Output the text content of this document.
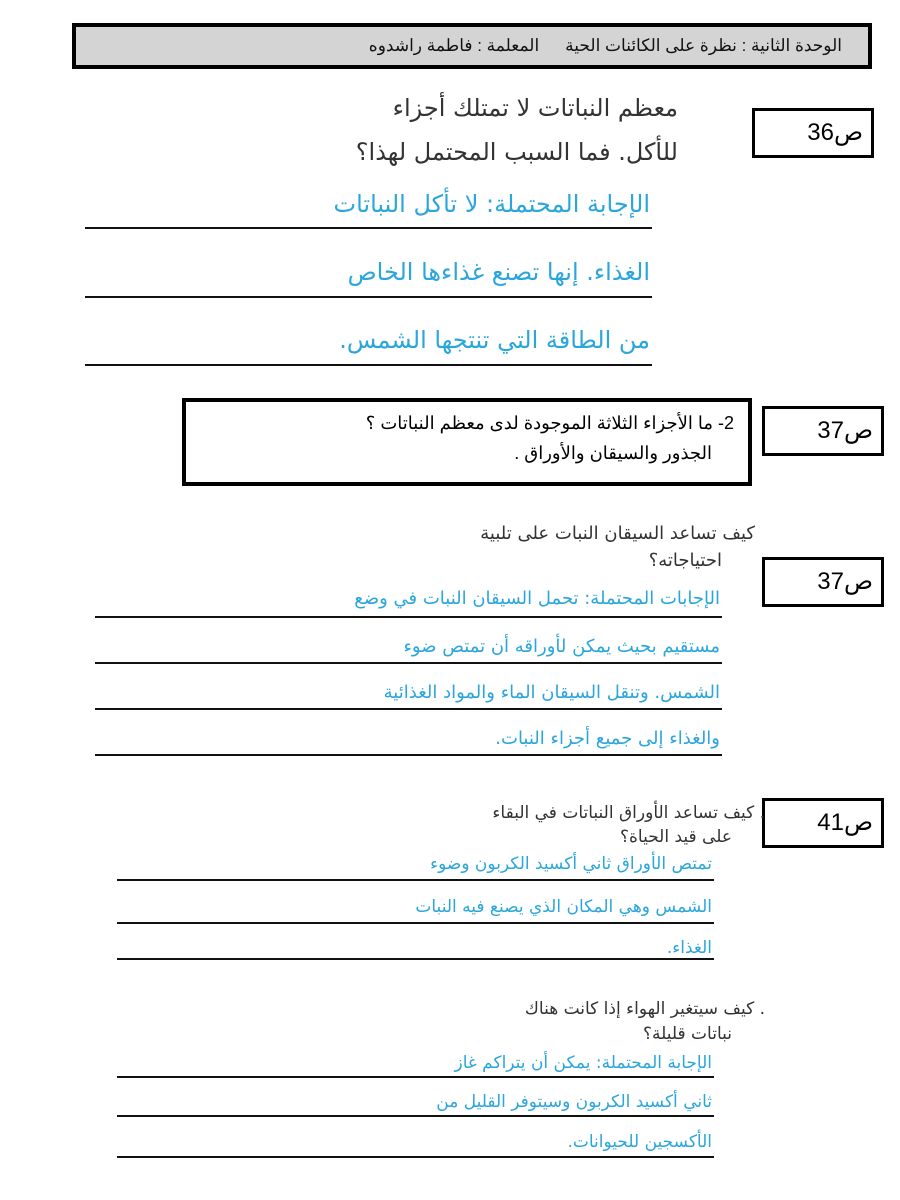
الوحدة الثانية : نظرة على الكائنات الحية
المعلمة : فاطمة راشدوه
ص36
معظم النباتات لا تمتلك أجزاء
للأكل. فما السبب المحتمل لهذا؟
الإجابة المحتملة: لا تأكل النباتات
الغذاء. إنها تصنع غذاءها الخاص
من الطاقة التي تنتجها الشمس.
ص37
2- ما الأجزاء الثلاثة الموجودة لدى معظم النباتات ؟
الجذور والسيقان والأوراق .
ص37
كيف تساعد السيقان النبات على تلبية
احتياجاته؟
الإجابات المحتملة: تحمل السيقان النبات في وضع
مستقيم بحيث يمكن لأوراقه أن تمتص ضوء
الشمس. وتنقل السيقان الماء والمواد الغذائية
والغذاء إلى جميع أجزاء النبات.
ص41
. كيف تساعد الأوراق النباتات في البقاء
على قيد الحياة؟
تمتص الأوراق ثاني أكسيد الكربون وضوء
الشمس وهي المكان الذي يصنع فيه النبات
الغذاء.
. كيف سيتغير الهواء إذا كانت هناك
نباتات قليلة؟
الإجابة المحتملة: يمكن أن يتراكم غاز
ثاني أكسيد الكربون وسيتوفر القليل من
الأكسجين للحيوانات.
